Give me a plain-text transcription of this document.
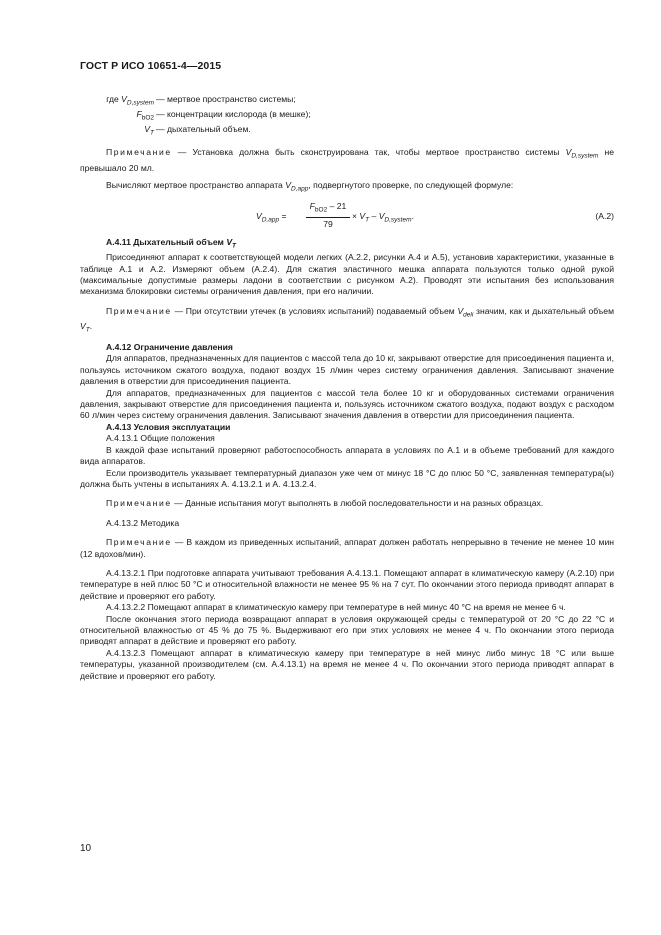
ГОСТ Р ИСО 10651-4—2015
где $V_{D,system}$ — мертвое пространство системы;
$F_{bO2}$ — концентрации кислорода (в мешке);
$V_T$ — дыхательный объем.

Примечание — Установка должна быть сконструирована так, чтобы мертвое пространство системы $V_{D,system}$ не превышало 20 мл.

Вычисляют мертвое пространство аппарата $V_{D,app}$, подвергнутого проверке, по следующей формуле:

$V_{D,app}$ =
$F_{bO2} - 21$
79
× $V_T - V_{D,system}$.	(A.2)

A.4.11 Дыхательный объем $V_T$

Присоединяют аппарат к соответствующей модели легких (А.2.2, рисунки А.4 и А.5), установив характеристики, указанные в таблице А.1 и А.2. Измеряют объем (А.2.4). Для сжатия эластичного мешка аппарата пользуются только одной рукой (максимальные допустимые размеры ладони в соответствии с рисунком А.2). Проводят эти испытания без использования механизма блокировки системы ограничения давления, при его наличии.

Примечание — При отсутствии утечек (в условиях испытаний) подаваемый объем $V_{deli}$ значим, как и дыхательный объем $V_T$.

A.4.12 Ограничение давления

Для аппаратов, предназначенных для пациентов с массой тела до 10 кг, закрывают отверстие для присоединения пациента и, пользуясь источником сжатого воздуха, подают воздух 15 л/мин через систему ограничения давления. Записывают значение давления в отверстии для присоединения пациента.

Для аппаратов, предназначенных для пациентов с массой тела более 10 кг и оборудованных системами ограничения давления, закрывают отверстие для присоединения пациента и, пользуясь источником сжатого воздуха, подают воздух с расходом 60 л/мин через систему ограничения давления. Записывают значения давления в отверстии для присоединения пациента.

A.4.13 Условия эксплуатации

A.4.13.1 Общие положения

В каждой фазе испытаний проверяют работоспособность аппарата в условиях по А.1 и в объеме требований для каждого вида аппаратов.

Если производитель указывает температурный диапазон уже чем от минус 18 °C до плюс 50 °C, заявленная температура(ы) должна быть учтены в испытаниях А. 4.13.2.1 и А. 4.13.2.4.

Примечание — Данные испытания могут выполнять в любой последовательности и на разных образцах.

A.4.13.2 Методика

Примечание — В каждом из приведенных испытаний, аппарат должен работать непрерывно в течение не менее 10 мин (12 вдохов/мин).

A.4.13.2.1 При подготовке аппарата учитывают требования А.4.13.1. Помещают аппарат в климатическую камеру (А.2.10) при температуре в ней плюс 50 °C и относительной влажности не менее 95 % на 7 сут. По окончании этого периода приводят аппарат в действие и проверяют его работу.

A.4.13.2.2 Помещают аппарат в климатическую камеру при температуре в ней минус 40 °C на время не менее 6 ч.

После окончания этого периода возвращают аппарат в условия окружающей среды с температурой от 20 °C до 22 °C и относительной влажностью от 45 % до 75 %. Выдерживают его при этих условиях не менее 4 ч. По окончании этого периода приводят аппарат в действие и проверяют его работу.

A.4.13.2.3 Помещают аппарат в климатическую камеру при температуре в ней минус либо минус 18 °C или выше температуры, указанной производителем (см. А.4.13.1) на время не менее 4 ч. По окончании этого периода приводят аппарат в действие и проверяют его работу.

10
